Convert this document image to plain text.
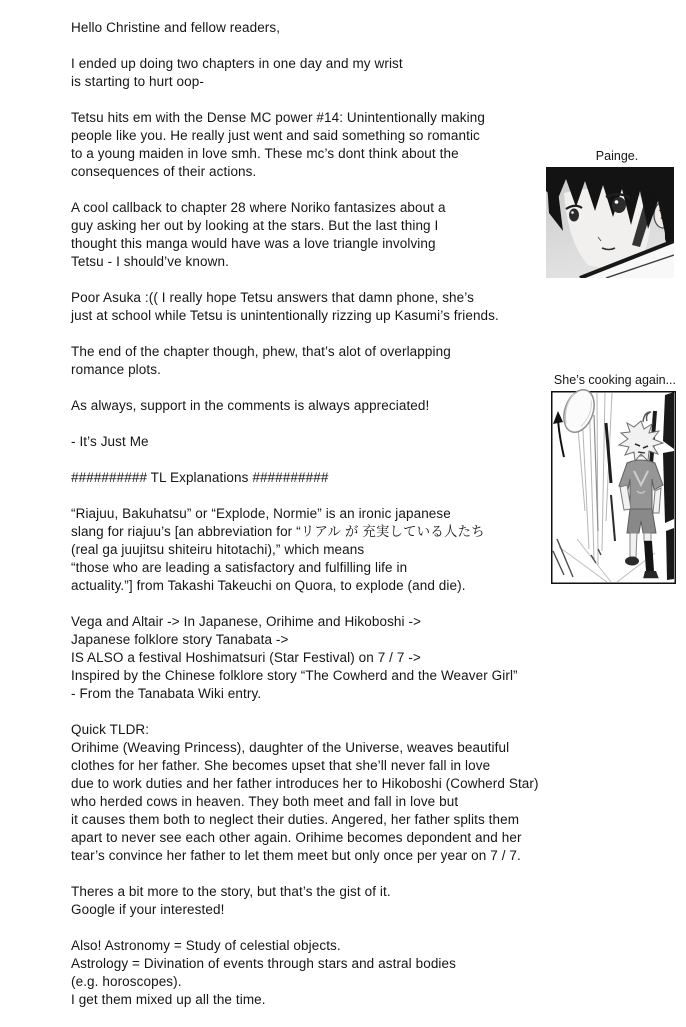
Hello Christine and fellow readers,

I ended up doing two chapters in one day and my wrist
is starting to hurt oop-

Tetsu hits em with the Dense MC power #14: Unintentionally making
people like you. He really just went and said something so romantic
to a young maiden in love smh. These mc’s dont think about the
consequences of their actions.

A cool callback to chapter 28 where Noriko fantasizes about a
guy asking her out by looking at the stars. But the last thing I
thought this manga would have was a love triangle involving
Tetsu - I should’ve known.

Poor Asuka :(( I really hope Tetsu answers that damn phone, she’s
just at school while Tetsu is unintentionally rizzing up Kasumi’s friends.

The end of the chapter though, phew, that’s alot of overlapping
romance plots.

As always, support in the comments is always appreciated!

- It’s Just Me

########## TL Explanations ##########

“Riajuu, Bakuhatsu” or “Explode, Normie” is an ironic japanese
slang for riajuu’s [an abbreviation for “リアル が 充実している人たち
(real ga juujitsu shiteiru hitotachi),” which means
“those who are leading a satisfactory and fulfilling life in
actuality.”] from Takashi Takeuchi on Quora, to explode (and die).

Vega and Altair -> In Japanese, Orihime and Hikoboshi ->
Japanese folklore story Tanabata ->
IS ALSO a festival Hoshimatsuri (Star Festival) on 7 / 7 ->
Inspired by the Chinese folklore story “The Cowherd and the Weaver Girl”
- From the Tanabata Wiki entry.

Quick TLDR:
Orihime (Weaving Princess), daughter of the Universe, weaves beautiful
clothes for her father. She becomes upset that she’ll never fall in love
due to work duties and her father introduces her to Hikoboshi (Cowherd Star)
who herded cows in heaven. They both meet and fall in love but
it causes them both to neglect their duties. Angered, her father splits them
apart to never see each other again. Orihime becomes depondent and her
tear’s convince her father to let them meet but only once per year on 7 / 7.

Theres a bit more to the story, but that’s the gist of it.
Google if your interested!

Also! Astronomy = Study of celestial objects.
Astrology = Divination of events through stars and astral bodies
(e.g. horoscopes).
I get them mixed up all the time.

Painge.
She’s cooking again...
